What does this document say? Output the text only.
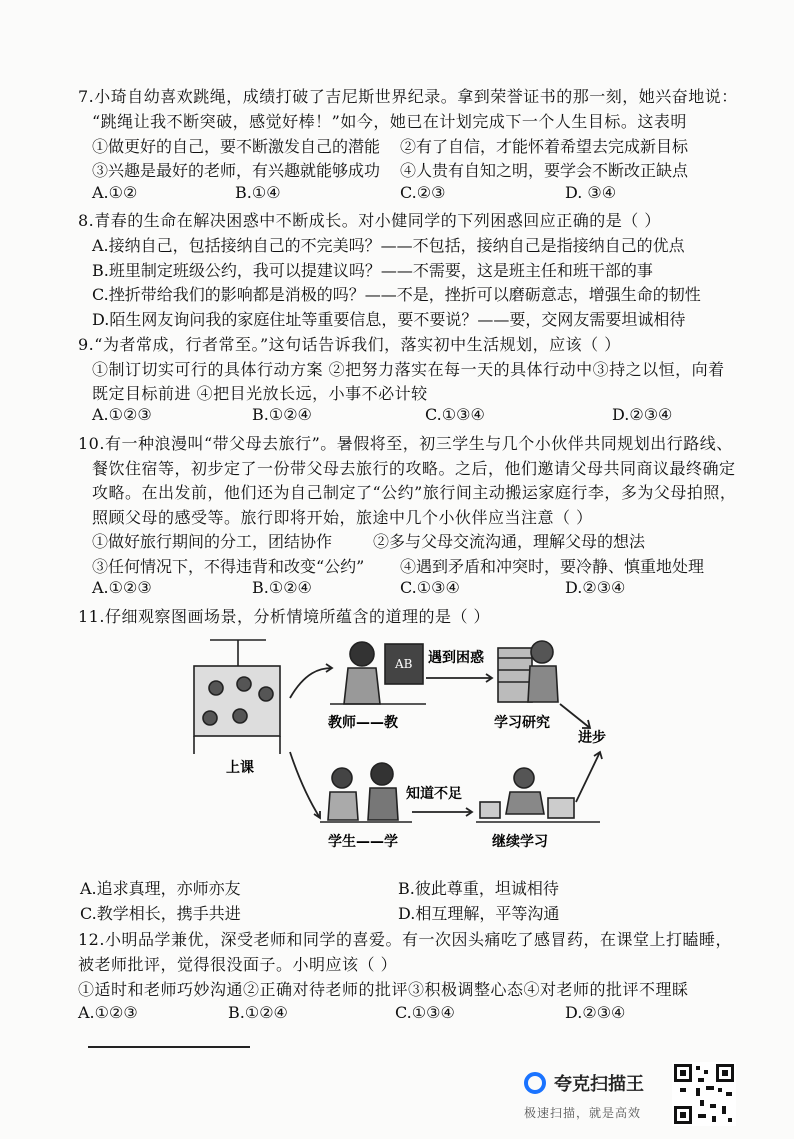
7.小琦自幼喜欢跳绳，成绩打破了吉尼斯世界纪录。拿到荣誉证书的那一刻，她兴奋地说：
“跳绳让我不断突破，感觉好棒！”如今，她已在计划完成下一个人生目标。这表明
①做更好的自己，要不断激发自己的潜能 ②有了自信，才能怀着希望去完成新目标
③兴趣是最好的老师，有兴趣就能够成功 ④人贵有自知之明，要学会不断改正缺点
A.①②	B.①④	C.②③	D. ③④
8.青春的生命在解决困惑中不断成长。对小健同学的下列困惑回应正确的是（ ）
A.接纳自己，包括接纳自己的不完美吗？——不包括，接纳自己是指接纳自己的优点
B.班里制定班级公约，我可以提建议吗？——不需要，这是班主任和班干部的事
C.挫折带给我们的影响都是消极的吗？——不是，挫折可以磨砺意志，增强生命的韧性
D.陌生网友询问我的家庭住址等重要信息，要不要说？——要，交网友需要坦诚相待
9.“为者常成，行者常至。”这句话告诉我们，落实初中生活规划，应该（ ）
①制订切实可行的具体行动方案 ②把努力落实在每一天的具体行动中③持之以恒，向着
既定目标前进 ④把目光放长远，小事不必计较
A.①②③	B.①②④	C.①③④	D.②③④
10.有一种浪漫叫“带父母去旅行”。暑假将至，初三学生与几个小伙伴共同规划出行路线、
餐饮住宿等，初步定了一份带父母去旅行的攻略。之后，他们邀请父母共同商议最终确定
攻略。在出发前，他们还为自己制定了“公约”旅行间主动搬运家庭行李，多为父母拍照，
照顾父母的感受等。旅行即将开始，旅途中几个小伙伴应当注意（ ）
①做好旅行期间的分工，团结协作	②多与父母交流沟通，理解父母的想法
③任何情况下，不得违背和改变“公约” ④遇到矛盾和冲突时，要冷静、慎重地处理
A.①②③	B.①②④	C.①③④	D.②③④
11.仔细观察图画场景，分析情境所蕴含的道理的是（ ）
上课
AB
教师——教
遇到困惑
学习研究
学生——学
知道不足
继续学习
进步
A.追求真理，亦师亦友	B.彼此尊重，坦诚相待
C.教学相长，携手共进	D.相互理解，平等沟通
12.小明品学兼优，深受老师和同学的喜爱。有一次因头痛吃了感冒药，在课堂上打瞌睡，
被老师批评，觉得很没面子。小明应该（ ）
①适时和老师巧妙沟通②正确对待老师的批评③积极调整心态④对老师的批评不理睬
A.①②③	B.①②④	C.①③④	D.②③④
夸克扫描王
极速扫描，就是高效
